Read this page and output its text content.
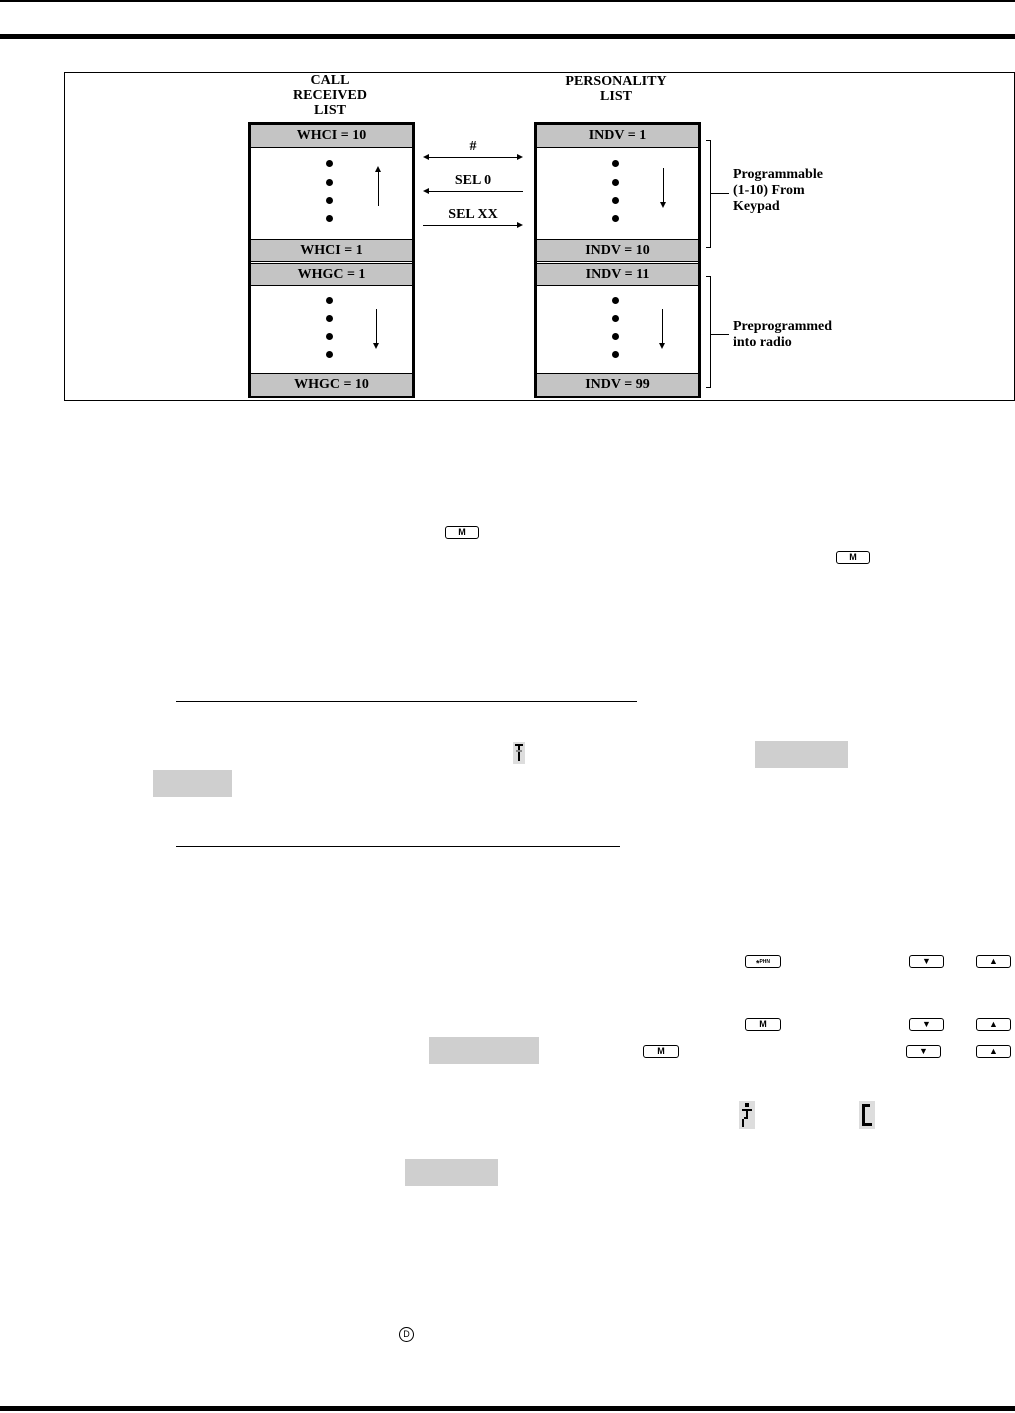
CALL
RECEIVED
LIST
PERSONALITY
LIST
WHCI = 10
WHCI = 1
WHGC = 1
WHGC = 10
INDV = 1
INDV = 10
INDV = 11
INDV = 99
#
SEL 0
SEL XX
Programmable
(1-10) From
Keypad
Preprogrammed
into radio
M
M
*$^{PHN}$	▼	▲
M	▼	▲
M	▼	▲
D
